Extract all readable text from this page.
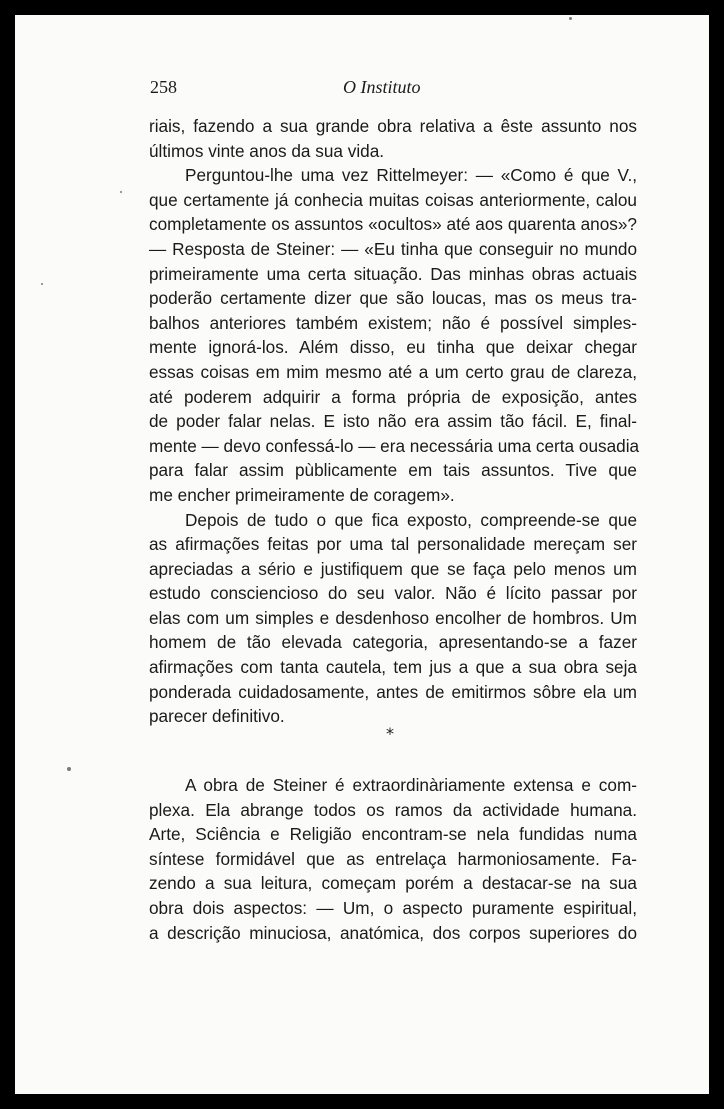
258	O Instituto
riais, fazendo a sua grande obra relativa a êste assunto nos
últimos vinte anos da sua vida.
Perguntou-lhe uma vez Rittelmeyer: — «Como é que V.,
que certamente já conhecia muitas coisas anteriormente, calou
completamente os assuntos «ocultos» até aos quarenta anos»?
— Resposta de Steiner: — «Eu tinha que conseguir no mundo
primeiramente uma certa situação. Das minhas obras actuais
poderão certamente dizer que são loucas, mas os meus tra-
balhos anteriores também existem; não é possível simples-
mente ignorá-los. Além disso, eu tinha que deixar chegar
essas coisas em mim mesmo até a um certo grau de clareza,
até poderem adquirir a forma própria de exposição, antes
de poder falar nelas. E isto não era assim tão fácil. E, final-
mente — devo confessá-lo — era necessária uma certa ousadia
para falar assim pùblicamente em tais assuntos. Tive que
me encher primeiramente de coragem».
Depois de tudo o que fica exposto, compreende-se que
as afirmações feitas por uma tal personalidade mereçam ser
apreciadas a sério e justifiquem que se faça pelo menos um
estudo consciencioso do seu valor. Não é lícito passar por
elas com um simples e desdenhoso encolher de hombros. Um
homem de tão elevada categoria, apresentando-se a fazer
afirmações com tanta cautela, tem jus a que a sua obra seja
ponderada cuidadosamente, antes de emitirmos sôbre ela um
parecer definitivo.
*
A obra de Steiner é extraordinàriamente extensa e com-
plexa. Ela abrange todos os ramos da actividade humana.
Arte, Sciência e Religião encontram-se nela fundidas numa
síntese formidável que as entrelaça harmoniosamente. Fa-
zendo a sua leitura, começam porém a destacar-se na sua
obra dois aspectos: — Um, o aspecto puramente espiritual,
a descrição minuciosa, anatómica, dos corpos superiores do
